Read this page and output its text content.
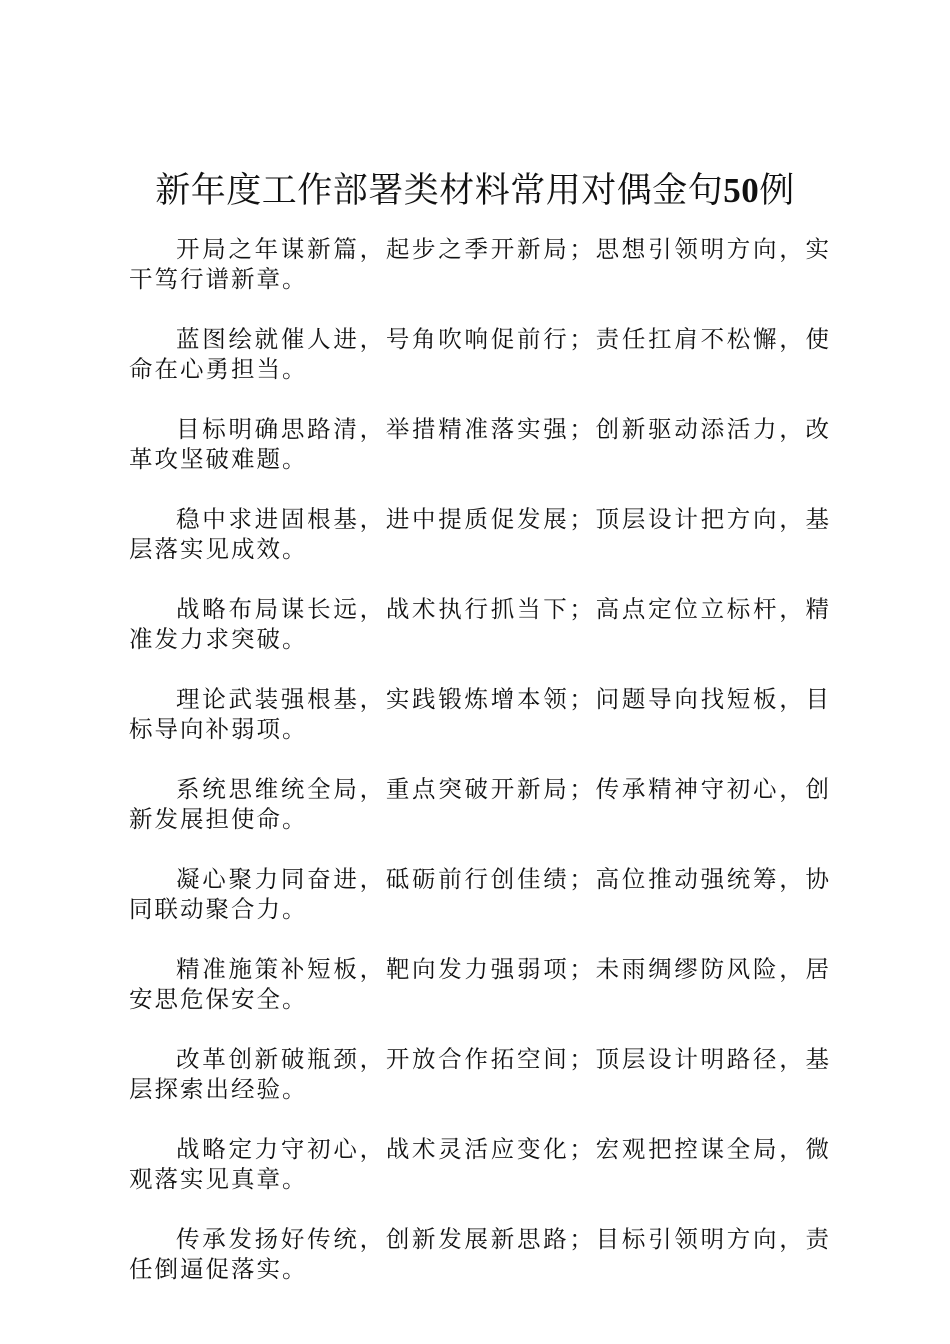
新年度工作部署类材料常用对偶金句50例

开局之年谋新篇，起步之季开新局；思想引领明方向，实干笃行谱新章。

蓝图绘就催人进，号角吹响促前行；责任扛肩不松懈，使命在心勇担当。

目标明确思路清，举措精准落实强；创新驱动添活力，改革攻坚破难题。

稳中求进固根基，进中提质促发展；顶层设计把方向，基层落实见成效。

战略布局谋长远，战术执行抓当下；高点定位立标杆，精准发力求突破。

理论武装强根基，实践锻炼增本领；问题导向找短板，目标导向补弱项。

系统思维统全局，重点突破开新局；传承精神守初心，创新发展担使命。

凝心聚力同奋进，砥砺前行创佳绩；高位推动强统筹，协同联动聚合力。

精准施策补短板，靶向发力强弱项；未雨绸缪防风险，居安思危保安全。

改革创新破瓶颈，开放合作拓空间；顶层设计明路径，基层探索出经验。

战略定力守初心，战术灵活应变化；宏观把控谋全局，微观落实见真章。

传承发扬好传统，创新发展新思路；目标引领明方向，责任倒逼促落实。
